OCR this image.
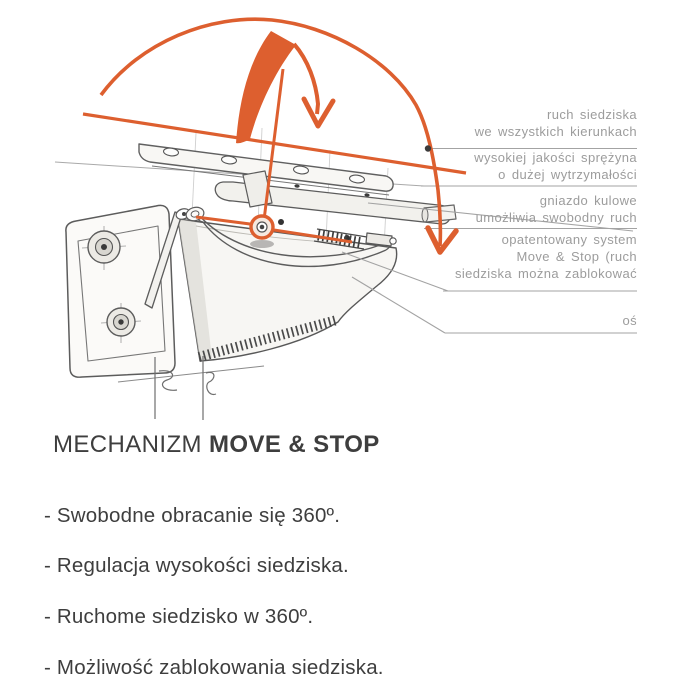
ruch siedziska
we wszystkich kierunkach
wysokiej jakości sprężyna
o dużej wytrzymałości
gniazdo kulowe
umożliwia swobodny ruch
opatentowany system
Move & Stop (ruch
siedziska można zablokować
oś
MECHANIZM MOVE & STOP
- Swobodne obracanie się 360º.
- Regulacja wysokości siedziska.
- Ruchome siedzisko w 360º.
- Możliwość zablokowania siedziska.
